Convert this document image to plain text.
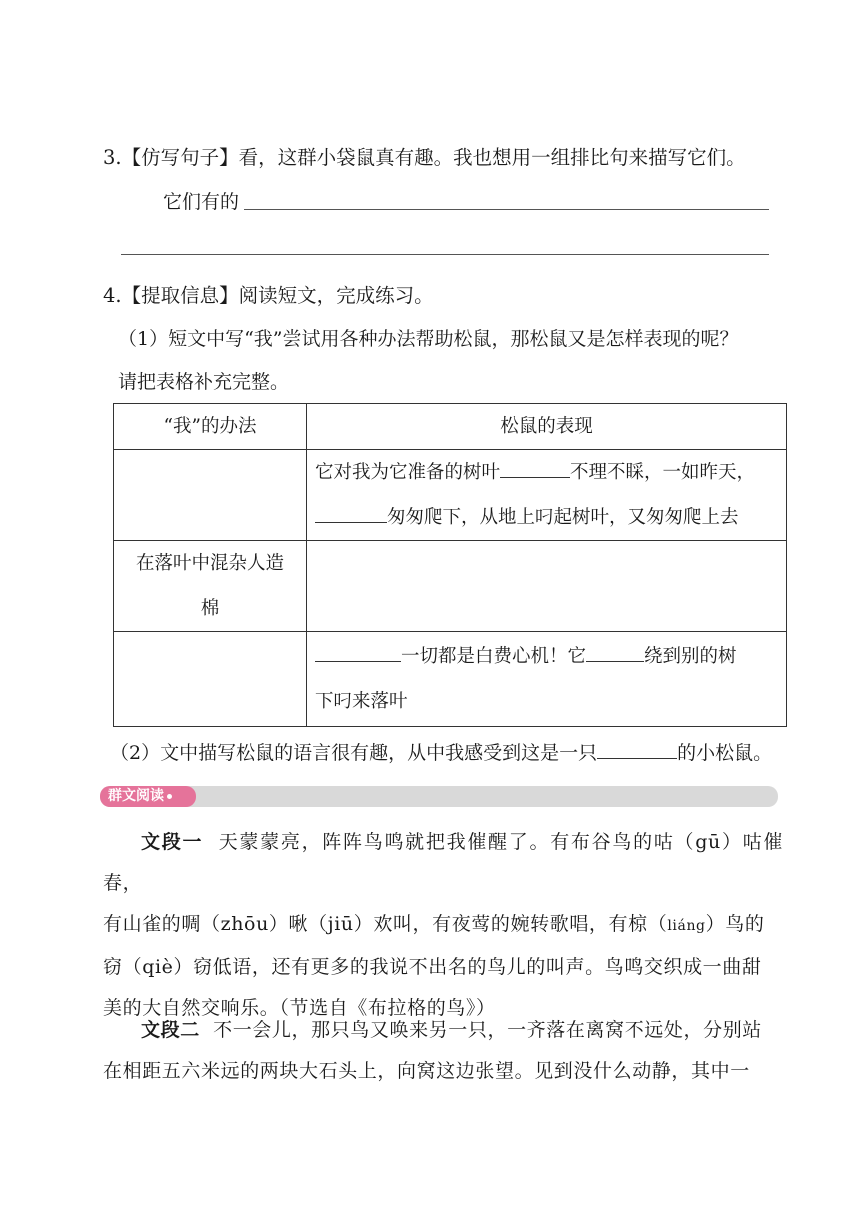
3.【仿写句子】看，这群小袋鼠真有趣。我也想用一组排比句来描写它们。
它们有的
4.【提取信息】阅读短文，完成练习。
（1）短文中写“我”尝试用各种办法帮助松鼠，那松鼠又是怎样表现的呢？
请把表格补充完整。
“我”的办法	松鼠的表现
	它对我为它准备的树叶 不理不睬，一如昨天，
匆匆爬下，从地上叼起树叶，又匆匆爬上去
在落叶中混杂人造
棉	
	一切都是白费心机！它 绕到别的树
下叼来落叶
（2）文中描写松鼠的语言很有趣，从中我感受到这是一只	的小松鼠。
群文阅读
文段一 天蒙蒙亮，阵阵鸟鸣就把我催醒了。有布谷鸟的咕（gū）咕催春，
有山雀的啁（zhōu）啾（jiū）欢叫，有夜莺的婉转歌唱，有椋（liáng）鸟的
窃（qiè）窃低语，还有更多的我说不出名的鸟儿的叫声。鸟鸣交织成一曲甜
美的大自然交响乐。（节选自《布拉格的鸟》）
文段二 不一会儿，那只鸟又唤来另一只，一齐落在离窝不远处，分别站
在相距五六米远的两块大石头上，向窝这边张望。见到没什么动静，其中一
